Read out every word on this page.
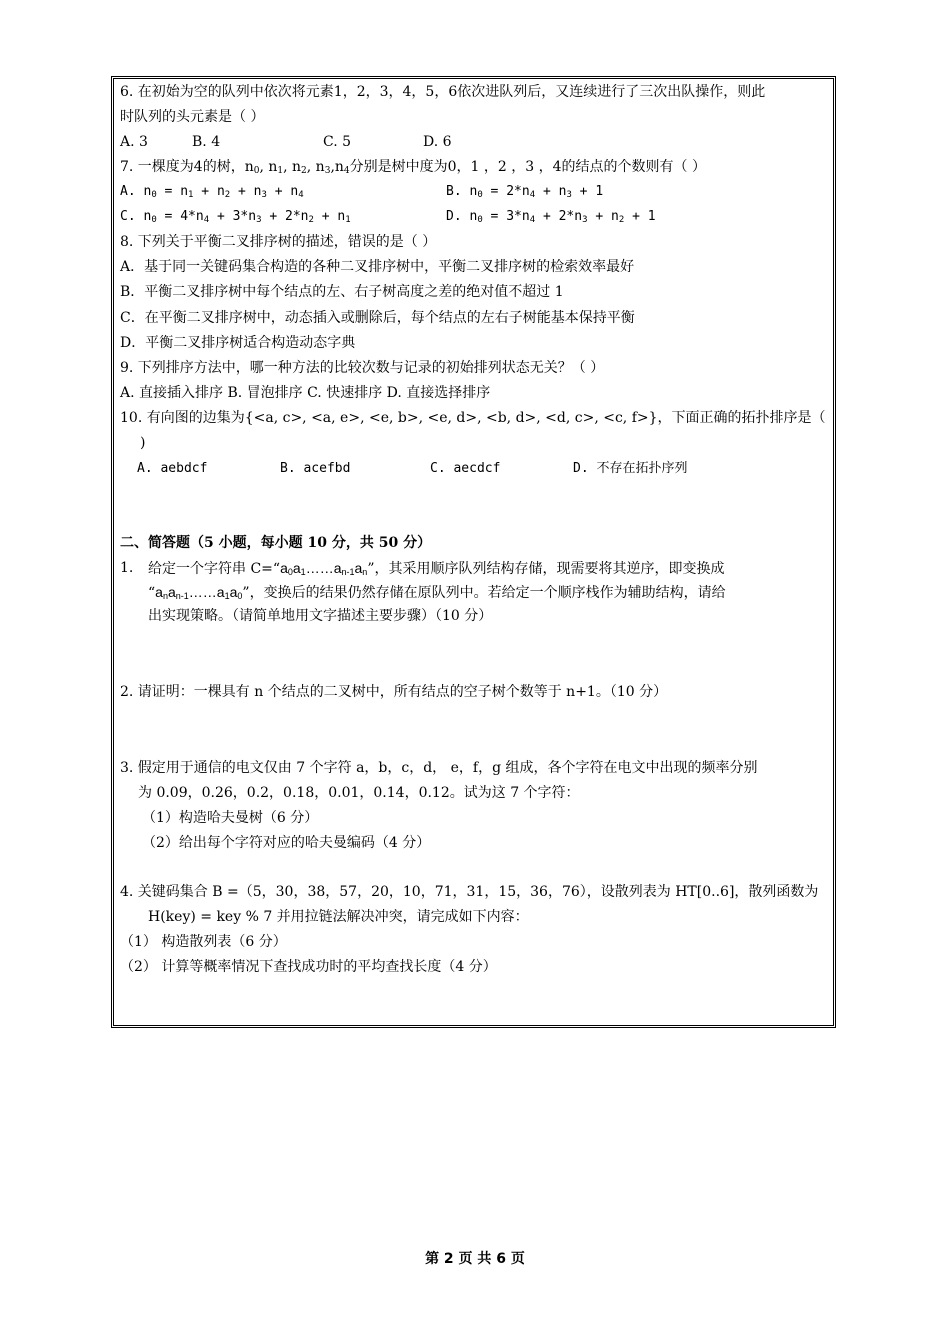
6. 在初始为空的队列中依次将元素1，2，3，4，5，6依次进队列后，又连续进行了三次出队操作，则此
时队列的头元素是（ ）
A. 3	B. 4	C. 5	D. 6
7. 一棵度为4的树，$n_0$, $n_1$, $n_2$, $n_3,n_4$分别是树中度为0，1 ，2 ，3 ，4的结点的个数则有（ ）
A. $n_0 = n_1 + n_2 + n_3 + n_4$	B. $n_0 = 2*n_4 + n_3 + 1$
C. $n_0 = 4*n_4 + 3*n_3 + 2*n_2 + n_1$	D. $n_0 = 3*n_4 + 2*n_3 + n_2 + 1$
8. 下列关于平衡二叉排序树的描述，错误的是（ ）
A．基于同一关键码集合构造的各种二叉排序树中，平衡二叉排序树的检索效率最好
B．平衡二叉排序树中每个结点的左、右子树高度之差的绝对值不超过 1
C．在平衡二叉排序树中，动态插入或删除后，每个结点的左右子树能基本保持平衡
D．平衡二叉排序树适合构造动态字典
9. 下列排序方法中，哪一种方法的比较次数与记录的初始排列状态无关？（ ）
A. 直接插入排序 B. 冒泡排序 C. 快速排序 D. 直接选择排序
10. 有向图的边集为{<a, c>, <a, e>, <e, b>, <e, d>, <b, d>, <d, c>, <c, f>}，下面正确的拓扑排序是（
)
A. aebdcf	B. acefbd	C. aecdcf	D. 不存在拓扑序列
二、简答题（5 小题，每小题 10 分，共 50 分）
1. 给定一个字符串 $C=“a_0a_1\dots\dots a_{n-1}a_n$”，其采用顺序队列结构存储，现需要将其逆序，即变换成
“$a_na_{n-1}\dots\dots a_1a_0$”，变换后的结果仍然存储在原队列中。若给定一个顺序栈作为辅助结构，请给
出实现策略。（请简单地用文字描述主要步骤）（10 分）
2. 请证明：一棵具有 n 个结点的二叉树中，所有结点的空子树个数等于 n+1。（10 分）
3. 假定用于通信的电文仅由 7 个字符 a，b，c，d， e，f，g 组成，各个字符在电文中出现的频率分别
为 0.09，0.26，0.2，0.18，0.01，0.14，0.12。试为这 7 个字符：
（1）构造哈夫曼树（6 分）
（2）给出每个字符对应的哈夫曼编码（4 分）
4. 关键码集合 B =（5，30，38，57，20，10，71，31，15，36，76），设散列表为 HT[0..6]，散列函数为
H(key) = key % 7 并用拉链法解决冲突，请完成如下内容：
（1） 构造散列表（6 分）
（2） 计算等概率情况下查找成功时的平均查找长度（4 分）
第 2 页 共 6 页
